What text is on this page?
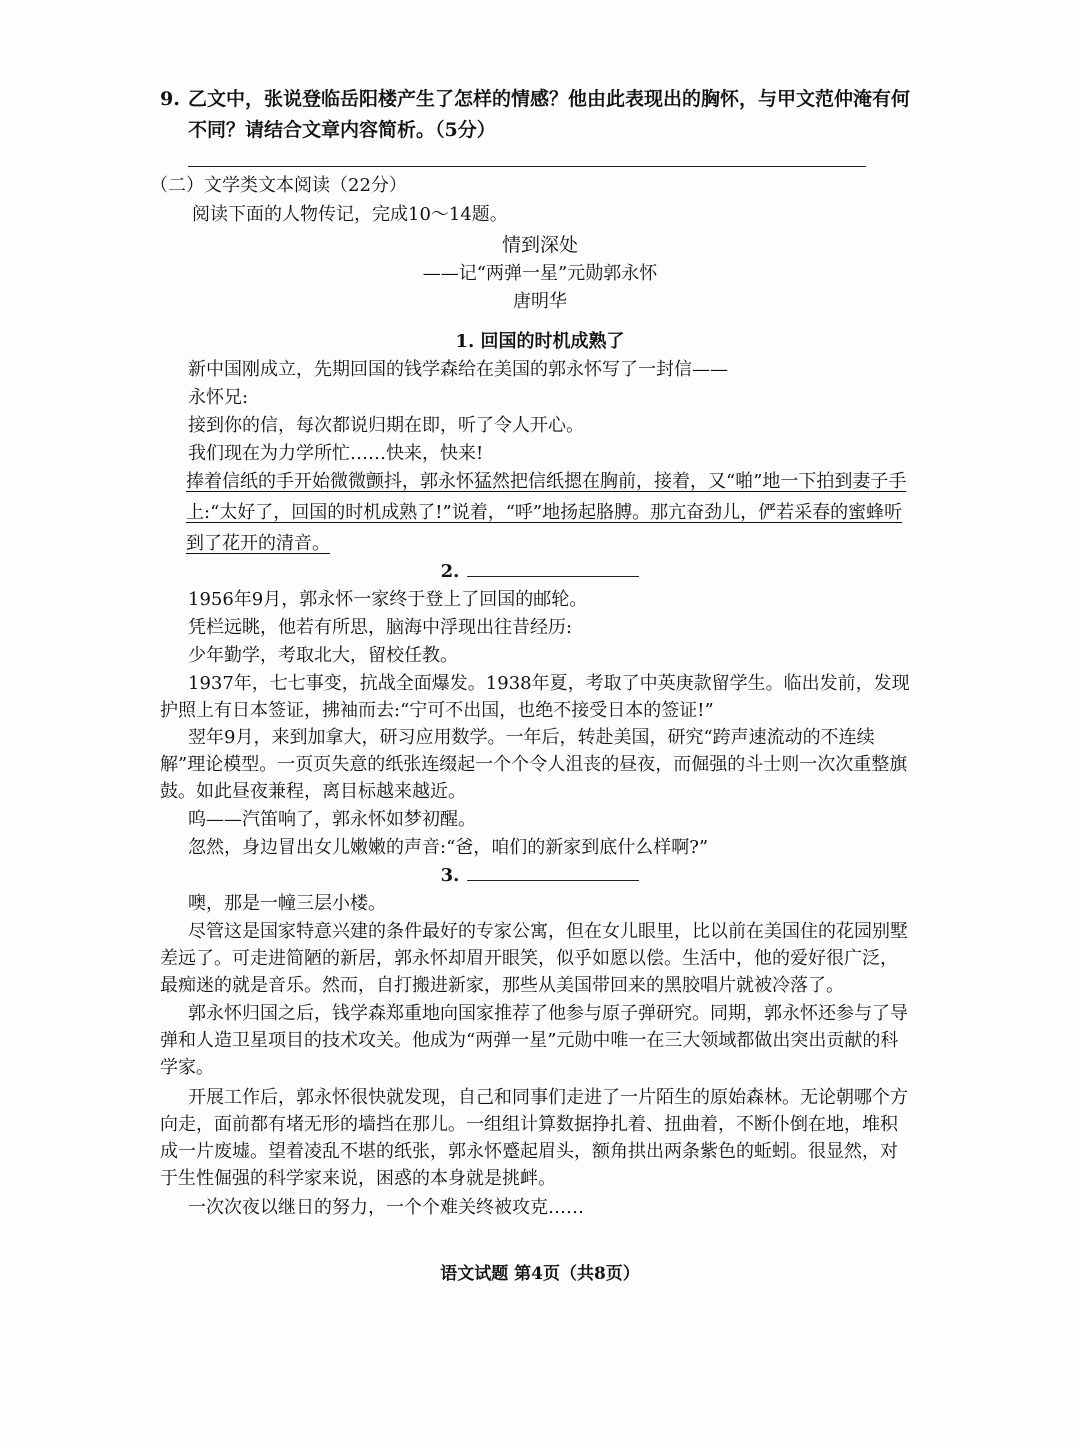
9. 乙文中，张说登临岳阳楼产生了怎样的情感？他由此表现出的胸怀，与甲文范仲淹有何
不同？请结合文章内容简析。（5分）
（二）文学类文本阅读（22分）
阅读下面的人物传记，完成10～14题。
情到深处
——记“两弹一星”元勋郭永怀
唐明华
1. 回国的时机成熟了
新中国刚成立，先期回国的钱学森给在美国的郭永怀写了一封信——
永怀兄:
接到你的信，每次都说归期在即，听了令人开心。
我们现在为力学所忙……快来，快来!
捧着信纸的手开始微微颤抖，郭永怀猛然把信纸摁在胸前，接着，又“啪”地一下拍到妻子手上:“太好了，回国的时机成熟了!”说着，“呼”地扬起胳膊。那亢奋劲儿，俨若采春的蜜蜂听到了花开的清音。
2.
1956年9月，郭永怀一家终于登上了回国的邮轮。
凭栏远眺，他若有所思，脑海中浮现出往昔经历:
少年勤学，考取北大，留校任教。
1937年，七七事变，抗战全面爆发。1938年夏，考取了中英庚款留学生。临出发前，发现护照上有日本签证，拂袖而去:“宁可不出国，也绝不接受日本的签证!”
翌年9月，来到加拿大，研习应用数学。一年后，转赴美国，研究“跨声速流动的不连续解”理论模型。一页页失意的纸张连缀起一个个令人沮丧的昼夜，而倔强的斗士则一次次重整旗鼓。如此昼夜兼程，离目标越来越近。
呜——汽笛响了，郭永怀如梦初醒。
忽然，身边冒出女儿嫩嫩的声音:“爸，咱们的新家到底什么样啊?”
3.
噢，那是一幢三层小楼。
尽管这是国家特意兴建的条件最好的专家公寓，但在女儿眼里，比以前在美国住的花园别墅差远了。可走进简陋的新居，郭永怀却眉开眼笑，似乎如愿以偿。生活中，他的爱好很广泛，最痴迷的就是音乐。然而，自打搬进新家，那些从美国带回来的黑胶唱片就被冷落了。
郭永怀归国之后，钱学森郑重地向国家推荐了他参与原子弹研究。同期，郭永怀还参与了导弹和人造卫星项目的技术攻关。他成为“两弹一星”元勋中唯一在三大领域都做出突出贡献的科学家。
开展工作后，郭永怀很快就发现，自己和同事们走进了一片陌生的原始森林。无论朝哪个方向走，面前都有堵无形的墙挡在那儿。一组组计算数据挣扎着、扭曲着，不断仆倒在地，堆积成一片废墟。望着凌乱不堪的纸张，郭永怀蹙起眉头，额角拱出两条紫色的蚯蚓。很显然，对于生性倔强的科学家来说，困惑的本身就是挑衅。
一次次夜以继日的努力，一个个难关终被攻克……
语文试题 第4页（共8页）
